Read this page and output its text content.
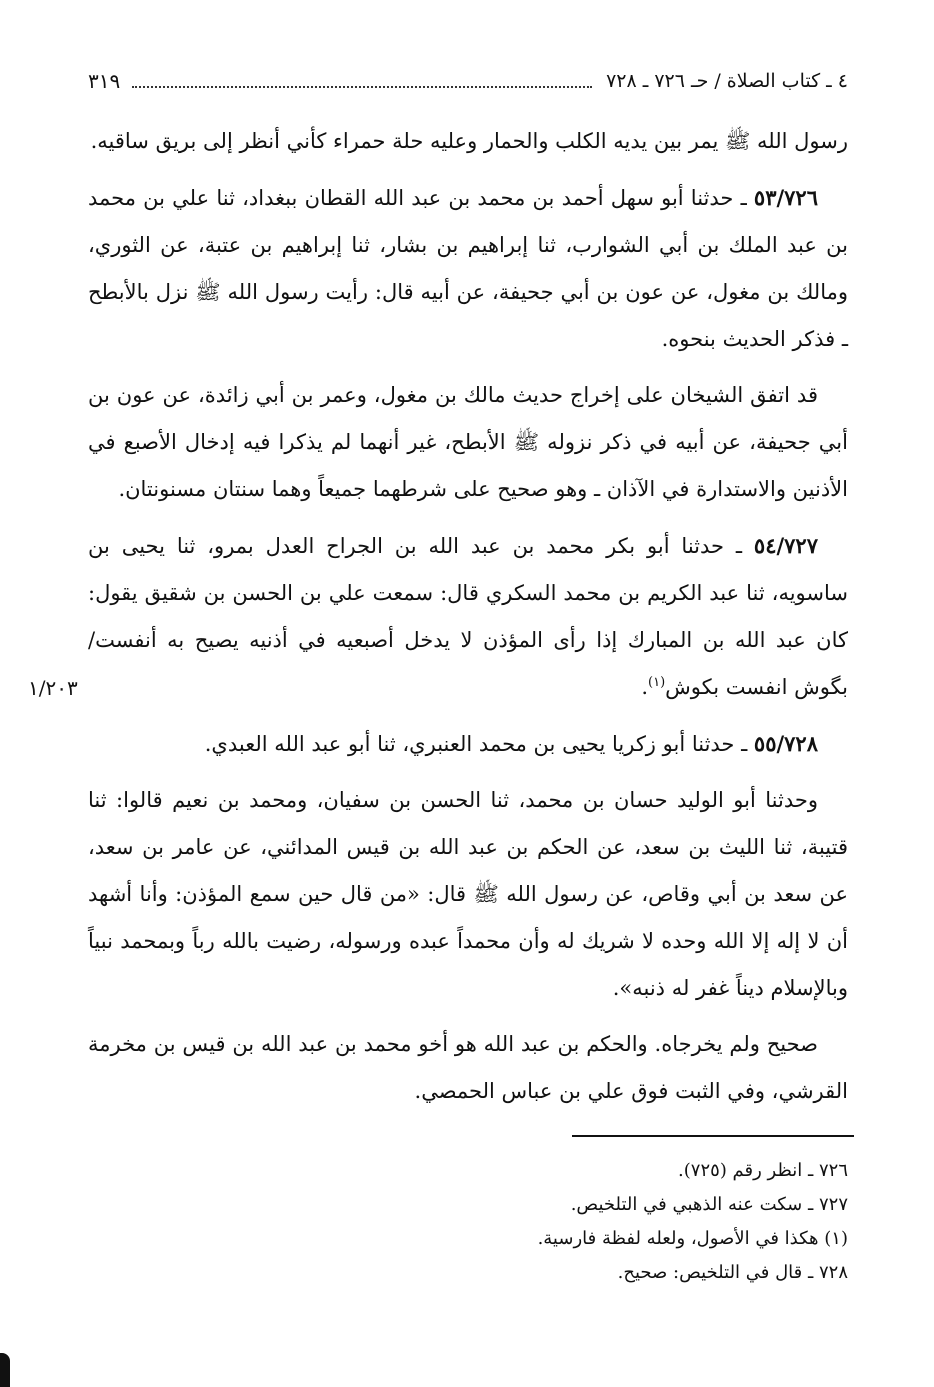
٤ ـ كتاب الصلاة / حـ ٧٢٦ ـ ٧٢٨
٣١٩

رسول الله ﷺ يمر بين يديه الكلب والحمار وعليه حلة حمراء كأني أنظر إلى بريق ساقيه.

٥٣/٧٢٦ ـ حدثنا أبو سهل أحمد بن محمد بن عبد الله القطان ببغداد، ثنا علي بن محمد بن عبد الملك بن أبي الشوارب، ثنا إبراهيم بن بشار، ثنا إبراهيم بن عتبة، عن الثوري، ومالك بن مغول، عن عون بن أبي جحيفة، عن أبيه قال: رأيت رسول الله ﷺ نزل بالأبطح ـ فذكر الحديث بنحوه.

قد اتفق الشيخان على إخراج حديث مالك بن مغول، وعمر بن أبي زائدة، عن عون بن أبي جحيفة، عن أبيه في ذكر نزوله ﷺ الأبطح، غير أنهما لم يذكرا فيه إدخال الأصبع في الأذنين والاستدارة في الآذان ـ وهو صحيح على شرطهما جميعاً وهما سنتان مسنونتان.

٥٤/٧٢٧ ـ حدثنا أبو بكر محمد بن عبد الله بن الجراح العدل بمرو، ثنا يحيى بن ساسويه، ثنا عبد الكريم بن محمد السكري قال: سمعت علي بن الحسن بن شقيق يقول: كان عبد الله بن المبارك إذا رأى المؤذن لا يدخل أصبعيه في أذنيه يصيح به أنفست/ بگوش انفست بكوش$^{(١)}$.

٥٥/٧٢٨ ـ حدثنا أبو زكريا يحيى بن محمد العنبري، ثنا أبو عبد الله العبدي.

وحدثنا أبو الوليد حسان بن محمد، ثنا الحسن بن سفيان، ومحمد بن نعيم قالوا: ثنا قتيبة، ثنا الليث بن سعد، عن الحكم بن عبد الله بن قيس المدائني، عن عامر بن سعد، عن سعد بن أبي وقاص، عن رسول الله ﷺ قال: «من قال حين سمع المؤذن: وأنا أشهد أن لا إله إلا الله وحده لا شريك له وأن محمداً عبده ورسوله، رضيت بالله رباً وبمحمد نبياً وبالإسلام ديناً غفر له ذنبه».

صحيح ولم يخرجاه. والحكم بن عبد الله هو أخو محمد بن عبد الله بن قيس بن مخرمة القرشي، وفي الثبت فوق علي بن عباس الحمصي.

١/٢٠٣

٧٢٦ ـ انظر رقم (٧٢٥).

٧٢٧ ـ سكت عنه الذهبي في التلخيص.

(١) هكذا في الأصول، ولعله لفظة فارسية.

٧٢٨ ـ قال في التلخيص: صحيح.
